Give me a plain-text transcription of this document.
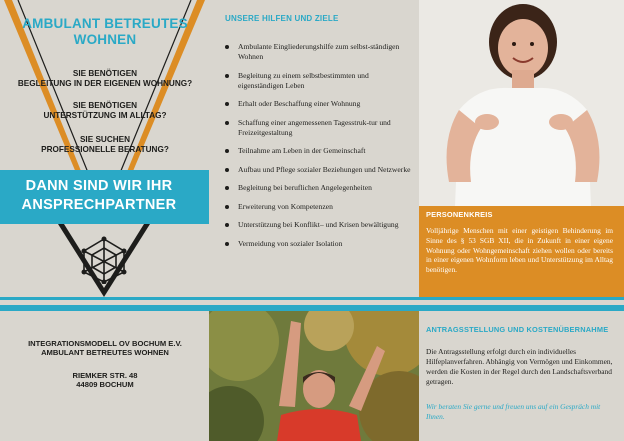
AMBULANT BETREUTES
WOHNEN
SIE BENÖTIGEN
BEGLEITUNG IN DER EIGENEN WOHNUNG?
SIE BENÖTIGEN
UNTERSTÜTZUNG IM ALLTAG?
SIE SUCHEN
PROFESSIONELLE BERATUNG?
DANN SIND WIR IHR
ANSPRECHPARTNER
INTEGRATIONSMODELL OV BOCHUM E.V.
AMBULANT BETREUTES WOHNEN
RIEMKER STR. 48
44809 BOCHUM
UNSERE HILFEN UND ZIELE
Ambulante Eingliederungshilfe zum selbst-ständigen Wohnen
Begleitung zu einem selbstbestimmten und eigenständigen Leben
Erhalt oder Beschaffung einer Wohnung
Schaffung einer angemessenen Tagesstruk-tur und Freizeitgestaltung
Teilnahme am Leben in der Gemeinschaft
Aufbau und Pflege sozialer Beziehungen und Netzwerke
Begleitung bei beruflichen Angelegenheiten
Erweiterung von Kompetenzen
Unterstützung bei Konflikt– und Krisen bewältigung
Vermeidung von sozialer Isolation
PERSONENKREIS
Volljährige Menschen mit einer geistigen Behinderung im Sinne des § 53 SGB XII, die in Zukunft in einer eigene Wohnung oder Wohngemeinschaft ziehen wollen oder bereits in einer eigenen Wohnform leben und Unterstützung im Alltag benötigen.
ANTRAGSSTELLUNG UND KOSTENÜBERNAHME
Die Antragsstellung erfolgt durch ein individuelles Hilfeplanverfahren. Abhängig von Vermögen und Einkommen, werden die Kosten in der Regel durch den Landschaftsverband getragen.
Wir beraten Sie gerne und freuen uns auf ein Gespräch mit Ihnen.
